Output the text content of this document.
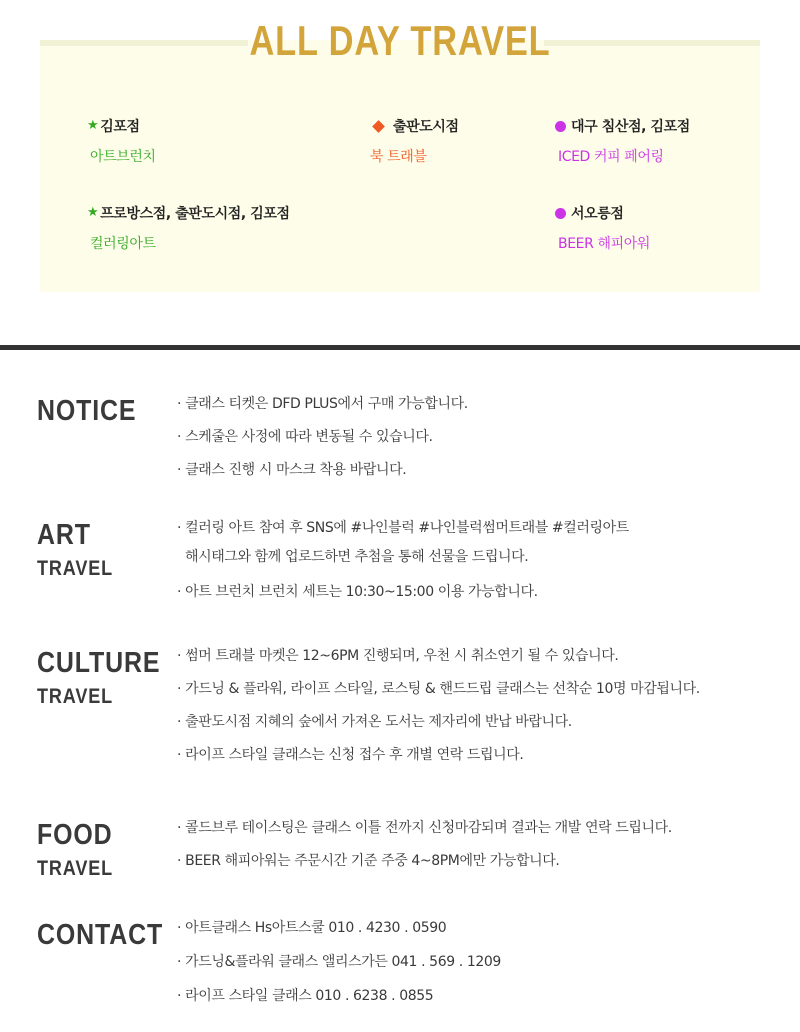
ALL DAY TRAVEL
★ 김포점
아트브런치
출판도시점
북 트래블
대구 침산점, 김포점
ICED 커피 페어링
★ 프로방스점, 출판도시점, 김포점
컬러링아트
서오릉점
BEER 해피아워
NOTICE	· 클래스 티켓은 DFD PLUS에서 구매 가능합니다.
· 스케줄은 사정에 따라 변동될 수 있습니다.
· 클래스 진행 시 마스크 착용 바랍니다.
ART
TRAVEL
· 컬러링 아트 참여 후 SNS에 #나인블럭 #나인블럭썸머트래블 #컬러링아트
해시태그와 함께 업로드하면 추첨을 통해 선물을 드립니다.
· 아트 브런치 브런치 세트는 10:30~15:00 이용 가능합니다.
CULTURE
TRAVEL
· 썸머 트래블 마켓은 12~6PM 진행되며, 우천 시 취소연기 될 수 있습니다.
· 가드닝 & 플라워, 라이프 스타일, 로스팅 & 핸드드립 클래스는 선착순 10명 마감됩니다.
· 출판도시점 지혜의 숲에서 가져온 도서는 제자리에 반납 바랍니다.
· 라이프 스타일 클래스는 신청 접수 후 개별 연락 드립니다.
FOOD
TRAVEL
· 콜드브루 테이스팅은 클래스 이틀 전까지 신청마감되며 결과는 개발 연락 드립니다.
· BEER 해피아워는 주문시간 기준 주중 4~8PM에만 가능합니다.
CONTACT	· 아트클래스 Hs아트스쿨 010 . 4230 . 0590
· 가드닝&플라워 클래스 앨리스가든 041 . 569 . 1209
· 라이프 스타일 클래스 010 . 6238 . 0855
